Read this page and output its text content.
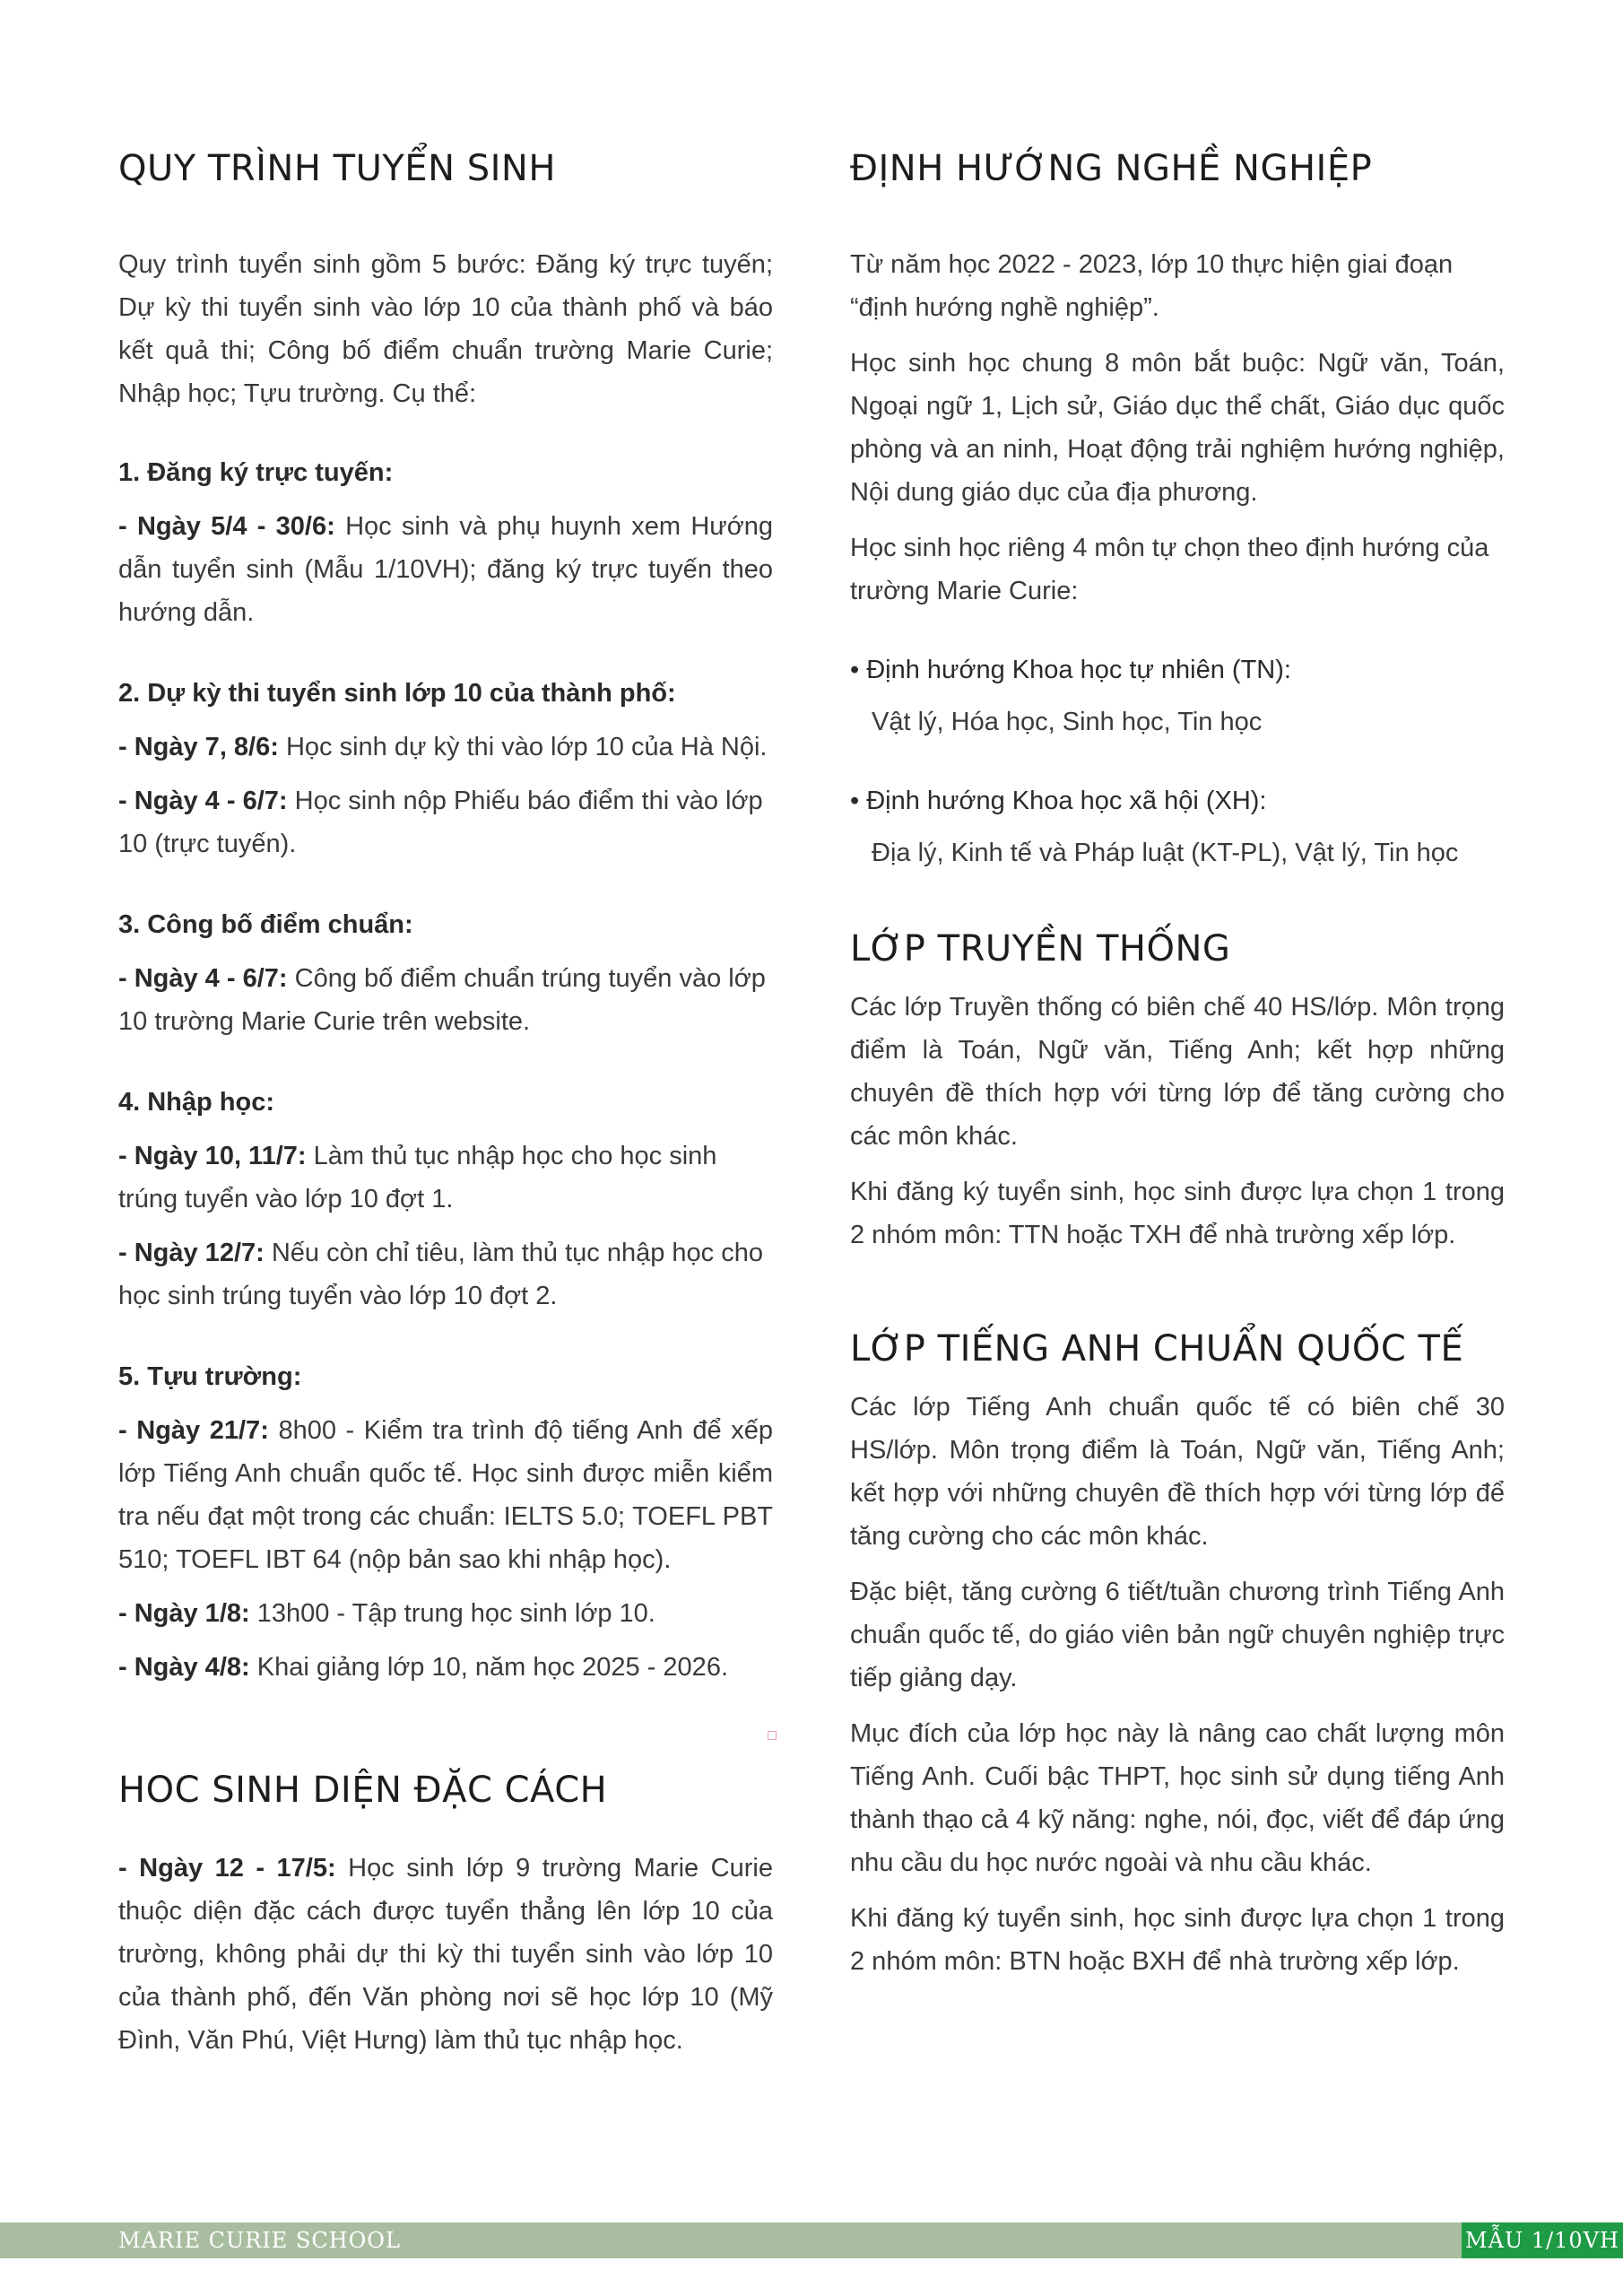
QUY TRÌNH TUYỂN SINH

Quy trình tuyển sinh gồm 5 bước: Đăng ký trực tuyến; Dự kỳ thi tuyển sinh vào lớp 10 của thành phố và báo kết quả thi; Công bố điểm chuẩn trường Marie Curie; Nhập học; Tựu trường. Cụ thể:

1. Đăng ký trực tuyến:

- Ngày 5/4 - 30/6: Học sinh và phụ huynh xem Hướng dẫn tuyển sinh (Mẫu 1/10VH); đăng ký trực tuyến theo hướng dẫn.

2. Dự kỳ thi tuyển sinh lớp 10 của thành phố:

- Ngày 7, 8/6: Học sinh dự kỳ thi vào lớp 10 của Hà Nội.

- Ngày 4 - 6/7: Học sinh nộp Phiếu báo điểm thi vào lớp 10 (trực tuyến).

3. Công bố điểm chuẩn:

- Ngày 4 - 6/7: Công bố điểm chuẩn trúng tuyển vào lớp 10 trường Marie Curie trên website.

4. Nhập học:

- Ngày 10, 11/7: Làm thủ tục nhập học cho học sinh trúng tuyển vào lớp 10 đợt 1.

- Ngày 12/7: Nếu còn chỉ tiêu, làm thủ tục nhập học cho học sinh trúng tuyển vào lớp 10 đợt 2.

5. Tựu trường:

- Ngày 21/7: 8h00 - Kiểm tra trình độ tiếng Anh để xếp lớp Tiếng Anh chuẩn quốc tế. Học sinh được miễn kiểm tra nếu đạt một trong các chuẩn: IELTS 5.0; TOEFL PBT 510; TOEFL IBT 64 (nộp bản sao khi nhập học).

- Ngày 1/8: 13h00 - Tập trung học sinh lớp 10.

- Ngày 4/8: Khai giảng lớp 10, năm học 2025 - 2026.

HOC SINH DIỆN ĐẶC CÁCH

- Ngày 12 - 17/5: Học sinh lớp 9 trường Marie Curie thuộc diện đặc cách được tuyển thẳng lên lớp 10 của trường, không phải dự thi kỳ thi tuyển sinh vào lớp 10 của thành phố, đến Văn phòng nơi sẽ học lớp 10 (Mỹ Đình, Văn Phú, Việt Hưng) làm thủ tục nhập học.

ĐỊNH HƯỚNG NGHỀ NGHIỆP

Từ năm học 2022 - 2023, lớp 10 thực hiện giai đoạn “định hướng nghề nghiệp”.

Học sinh học chung 8 môn bắt buộc: Ngữ văn, Toán, Ngoại ngữ 1, Lịch sử, Giáo dục thể chất, Giáo dục quốc phòng và an ninh, Hoạt động trải nghiệm hướng nghiệp, Nội dung giáo dục của địa phương.

Học sinh học riêng 4 môn tự chọn theo định hướng của trường Marie Curie:

• Định hướng Khoa học tự nhiên (TN):

Vật lý, Hóa học, Sinh học, Tin học

• Định hướng Khoa học xã hội (XH):

Địa lý, Kinh tế và Pháp luật (KT-PL), Vật lý, Tin học

LỚP TRUYỀN THỐNG

Các lớp Truyền thống có biên chế 40 HS/lớp. Môn trọng điểm là Toán, Ngữ văn, Tiếng Anh; kết hợp những chuyên đề thích hợp với từng lớp để tăng cường cho các môn khác.

Khi đăng ký tuyển sinh, học sinh được lựa chọn 1 trong 2 nhóm môn: TTN hoặc TXH để nhà trường xếp lớp.

LỚP TIẾNG ANH CHUẨN QUỐC TẾ

Các lớp Tiếng Anh chuẩn quốc tế có biên chế 30 HS/lớp. Môn trọng điểm là Toán, Ngữ văn, Tiếng Anh; kết hợp với những chuyên đề thích hợp với từng lớp để tăng cường cho các môn khác.

Đặc biệt, tăng cường 6 tiết/tuần chương trình Tiếng Anh chuẩn quốc tế, do giáo viên bản ngữ chuyên nghiệp trực tiếp giảng dạy.

Mục đích của lớp học này là nâng cao chất lượng môn Tiếng Anh. Cuối bậc THPT, học sinh sử dụng tiếng Anh thành thạo cả 4 kỹ năng: nghe, nói, đọc, viết để đáp ứng nhu cầu du học nước ngoài và nhu cầu khác.

Khi đăng ký tuyển sinh, học sinh được lựa chọn 1 trong 2 nhóm môn: BTN hoặc BXH để nhà trường xếp lớp.

MARIE CURIE SCHOOL	MẪU 1/10VH
